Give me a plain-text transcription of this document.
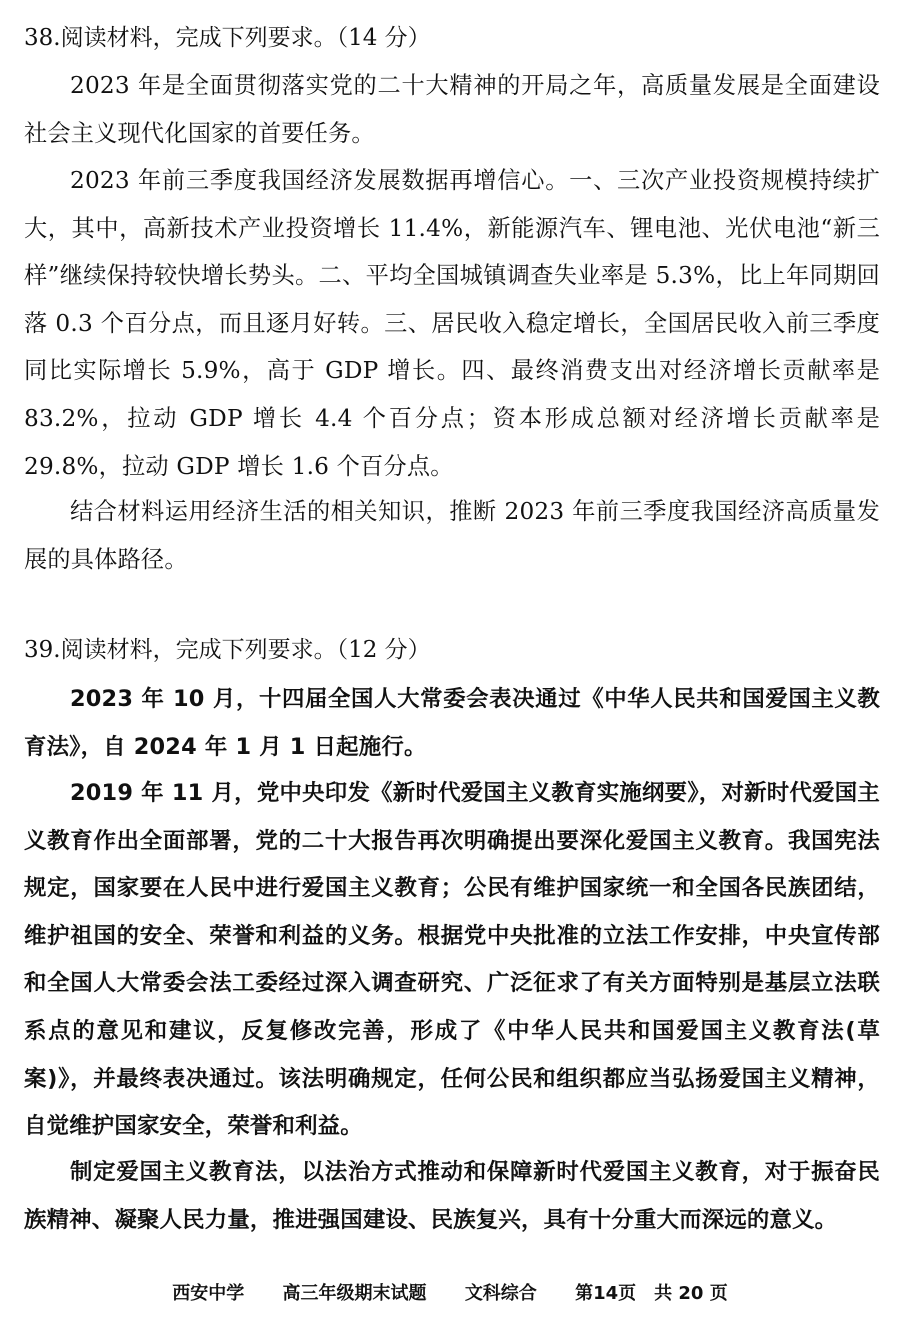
38.阅读材料，完成下列要求。（14 分）

2023 年是全面贯彻落实党的二十大精神的开局之年，高质量发展是全面建设社会主义现代化国家的首要任务。

2023 年前三季度我国经济发展数据再增信心。一、三次产业投资规模持续扩大，其中，高新技术产业投资增长 11.4%，新能源汽车、锂电池、光伏电池“新三样”继续保持较快增长势头。二、平均全国城镇调查失业率是 5.3%，比上年同期回落 0.3 个百分点，而且逐月好转。三、居民收入稳定增长，全国居民收入前三季度同比实际增长 5.9%，高于 GDP 增长。四、最终消费支出对经济增长贡献率是 83.2%，拉动 GDP 增长 4.4 个百分点；资本形成总额对经济增长贡献率是 29.8%，拉动 GDP 增长 1.6 个百分点。

结合材料运用经济生活的相关知识，推断 2023 年前三季度我国经济高质量发展的具体路径。

39.阅读材料，完成下列要求。（12 分）

2023 年 10 月，十四届全国人大常委会表决通过《中华人民共和国爱国主义教育法》，自 2024 年 1 月 1 日起施行。

2019 年 11 月，党中央印发《新时代爱国主义教育实施纲要》，对新时代爱国主义教育作出全面部署，党的二十大报告再次明确提出要深化爱国主义教育。我国宪法规定，国家要在人民中进行爱国主义教育；公民有维护国家统一和全国各民族团结，维护祖国的安全、荣誉和利益的义务。根据党中央批准的立法工作安排，中央宣传部和全国人大常委会法工委经过深入调查研究、广泛征求了有关方面特别是基层立法联系点的意见和建议，反复修改完善，形成了《中华人民共和国爱国主义教育法(草案)》，并最终表决通过。该法明确规定，任何公民和组织都应当弘扬爱国主义精神，自觉维护国家安全，荣誉和利益。

制定爱国主义教育法，以法治方式推动和保障新时代爱国主义教育，对于振奋民族精神、凝聚人民力量，推进强国建设、民族复兴，具有十分重大而深远的意义。

西安中学 高三年级期末试题 文科综合 第14页　共 20 页
